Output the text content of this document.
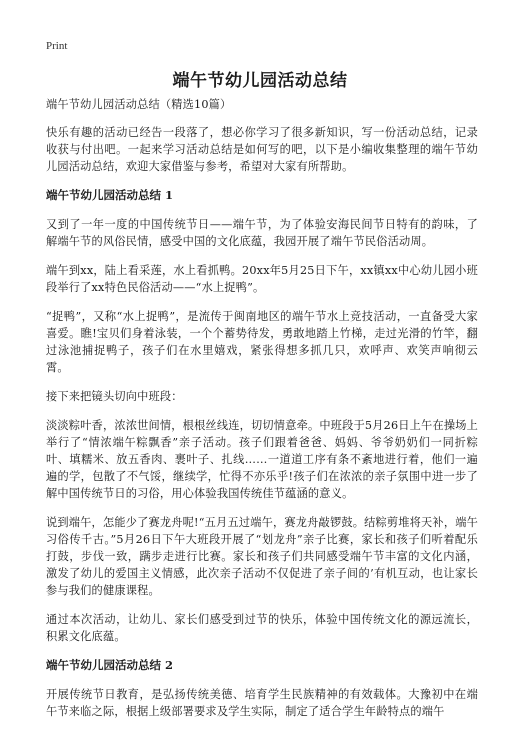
Print
端午节幼儿园活动总结

端午节幼儿园活动总结（精选10篇）

快乐有趣的活动已经告一段落了，想必你学习了很多新知识，写一份活动总结，记录收获与付出吧。一起来学习活动总结是如何写的吧，以下是小编收集整理的端午节幼儿园活动总结，欢迎大家借鉴与参考，希望对大家有所帮助。

端午节幼儿园活动总结 1

又到了一年一度的中国传统节日——端午节，为了体验安海民间节日特有的韵味，了解端午节的风俗民情，感受中国的文化底蕴，我园开展了端午节民俗活动周。

端午到xx，陆上看采莲，水上看抓鸭。20xx年5月25日下午，xx镇xx中心幼儿园小班段举行了xx特色民俗活动——“水上捉鸭”。

“捉鸭”，又称“水上捉鸭”，是流传于闽南地区的端午节水上竞技活动，一直备受大家喜爱。瞧!宝贝们身着泳装，一个个蓄势待发，勇敢地踏上竹梯，走过光滑的竹竿，翻过泳池捕捉鸭子，孩子们在水里嬉戏，紧张得想多抓几只，欢呼声、欢笑声响彻云霄。

接下来把镜头切向中班段：

淡淡粽叶香，浓浓世间情，根根丝线连，切切情意牵。中班段于5月26日上午在操场上举行了“情浓端午粽飘香”亲子活动。孩子们跟着爸爸、妈妈、爷爷奶奶们一同折粽叶、填糯米、放五香肉、裹叶子、扎线……一道道工序有条不紊地进行着，他们一遍遍的学，包散了不气馁，继续学，忙得不亦乐乎!孩子们在浓浓的亲子氛围中进一步了解中国传统节日的习俗，用心体验我国传统佳节蕴涵的意义。

说到端午，怎能少了赛龙舟呢!“五月五过端午，赛龙舟敲锣鼓。结粽剪堆将天补，端午习俗传千古。”5月26日下午大班段开展了“划龙舟”亲子比赛，家长和孩子们听着配乐打鼓，步伐一致，蹒步走进行比赛。家长和孩子们共同感受端午节丰富的文化内涵，激发了幼儿的爱国主义情感，此次亲子活动不仅促进了亲子间的’有机互动，也让家长参与我们的健康课程。

通过本次活动，让幼儿、家长们感受到过节的快乐，体验中国传统文化的源远流长，积累文化底蕴。

端午节幼儿园活动总结 2

开展传统节日教育，是弘扬传统美德、培育学生民族精神的有效载体。大豫初中在端午节来临之际，根据上级部署要求及学生实际，制定了适合学生年龄特点的端午
